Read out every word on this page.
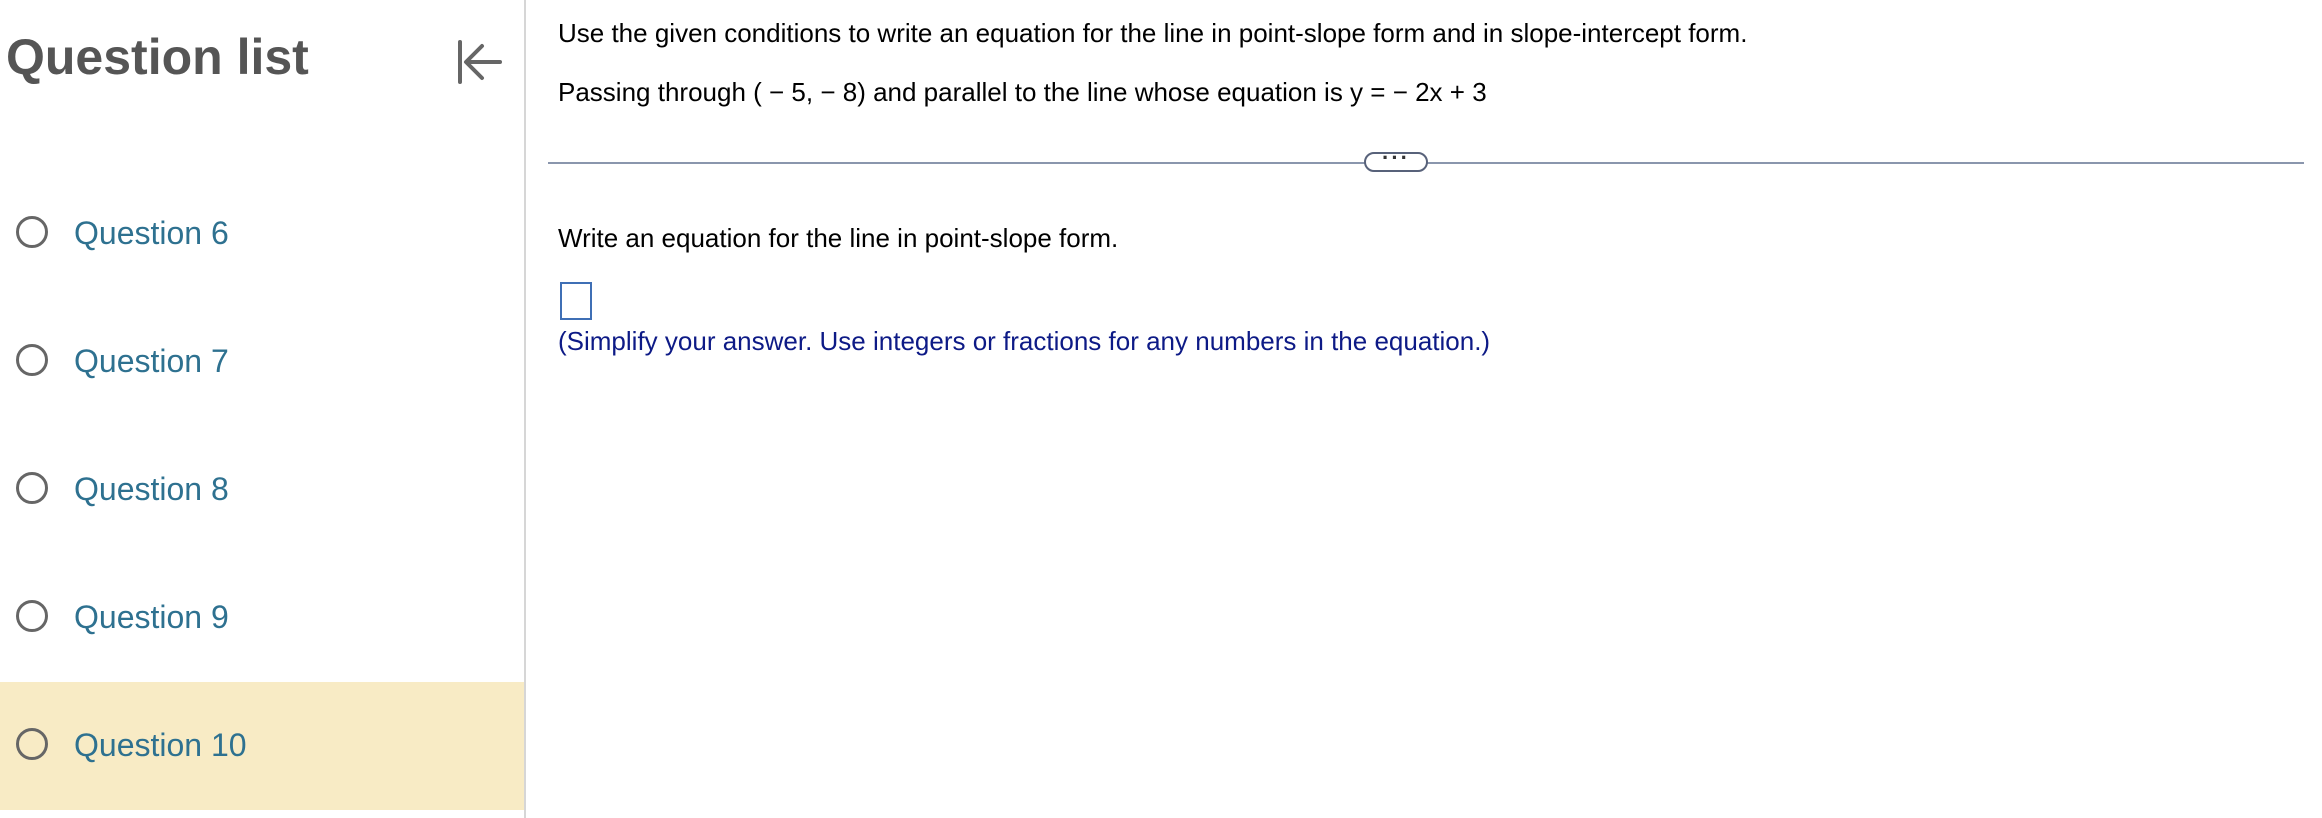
Question list
Question 6
Question 7
Question 8
Question 9
Question 10
Use the given conditions to write an equation for the line in point-slope form and in slope-intercept form.
Passing through ( − 5, − 8) and parallel to the line whose equation is y = − 2x + 3
···
Write an equation for the line in point-slope form.
(Simplify your answer. Use integers or fractions for any numbers in the equation.)
